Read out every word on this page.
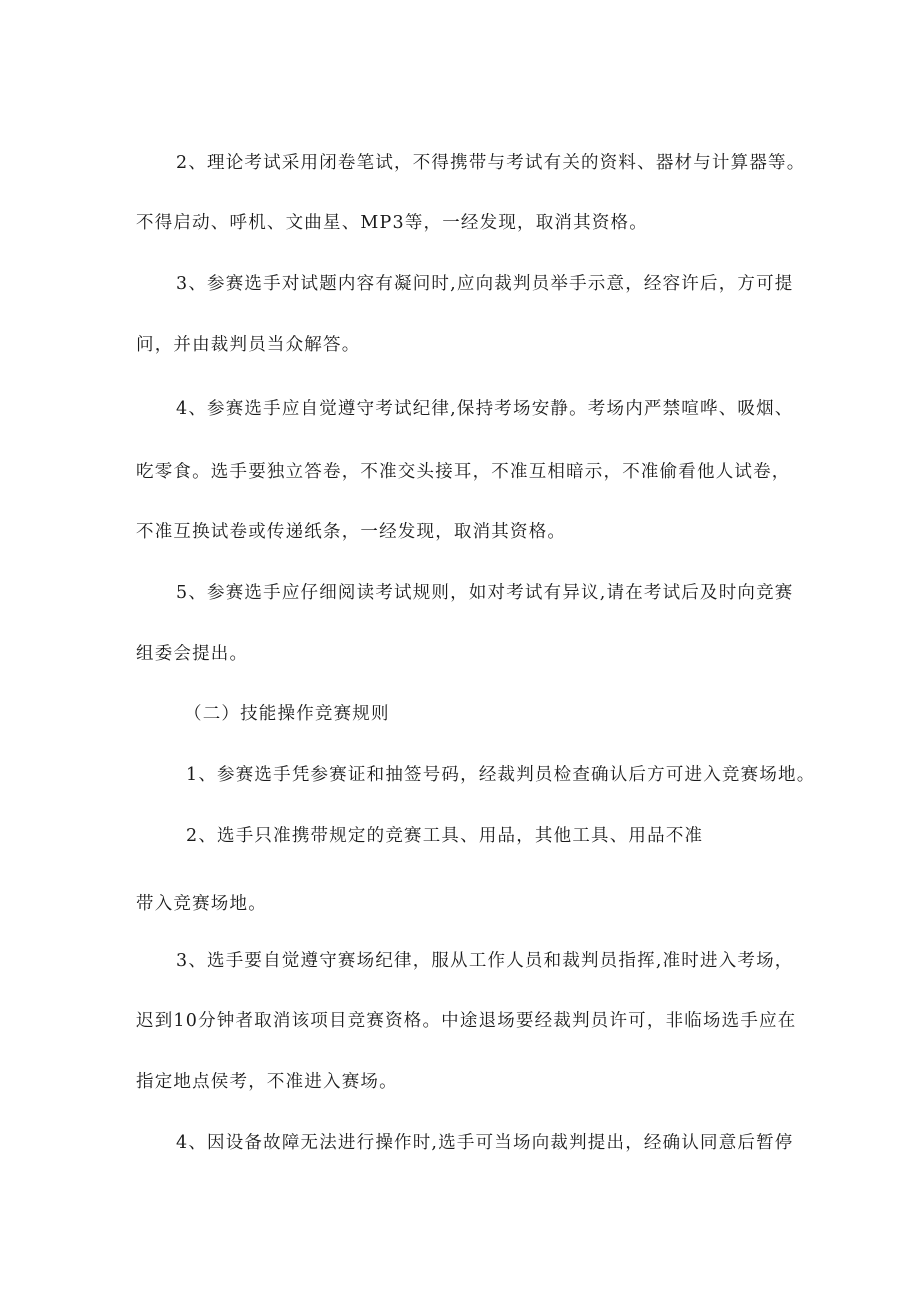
2、理论考试采用闭卷笔试，不得携带与考试有关的资料、器材与计算器等。
不得启动、呼机、文曲星、MP3等，一经发现，取消其资格。
3、参赛选手对试题内容有凝问时,应向裁判员举手示意，经容许后，方可提
问，并由裁判员当众解答。
4、参赛选手应自觉遵守考试纪律,保持考场安静。考场内严禁喧哗、吸烟、
吃零食。选手要独立答卷，不准交头接耳，不准互相暗示，不准偷看他人试卷，
不准互换试卷或传递纸条，一经发现，取消其资格。
5、参赛选手应仔细阅读考试规则，如对考试有异议,请在考试后及时向竞赛
组委会提出。
（二）技能操作竞赛规则
1、参赛选手凭参赛证和抽签号码，经裁判员检查确认后方可进入竞赛场地。
2、选手只准携带规定的竞赛工具、用品，其他工具、用品不准
带入竞赛场地。
3、选手要自觉遵守赛场纪律，服从工作人员和裁判员指挥,准时进入考场，
迟到10分钟者取消该项目竞赛资格。中途退场要经裁判员许可，非临场选手应在
指定地点侯考，不准进入赛场。
4、因设备故障无法进行操作时,选手可当场向裁判提出，经确认同意后暂停
